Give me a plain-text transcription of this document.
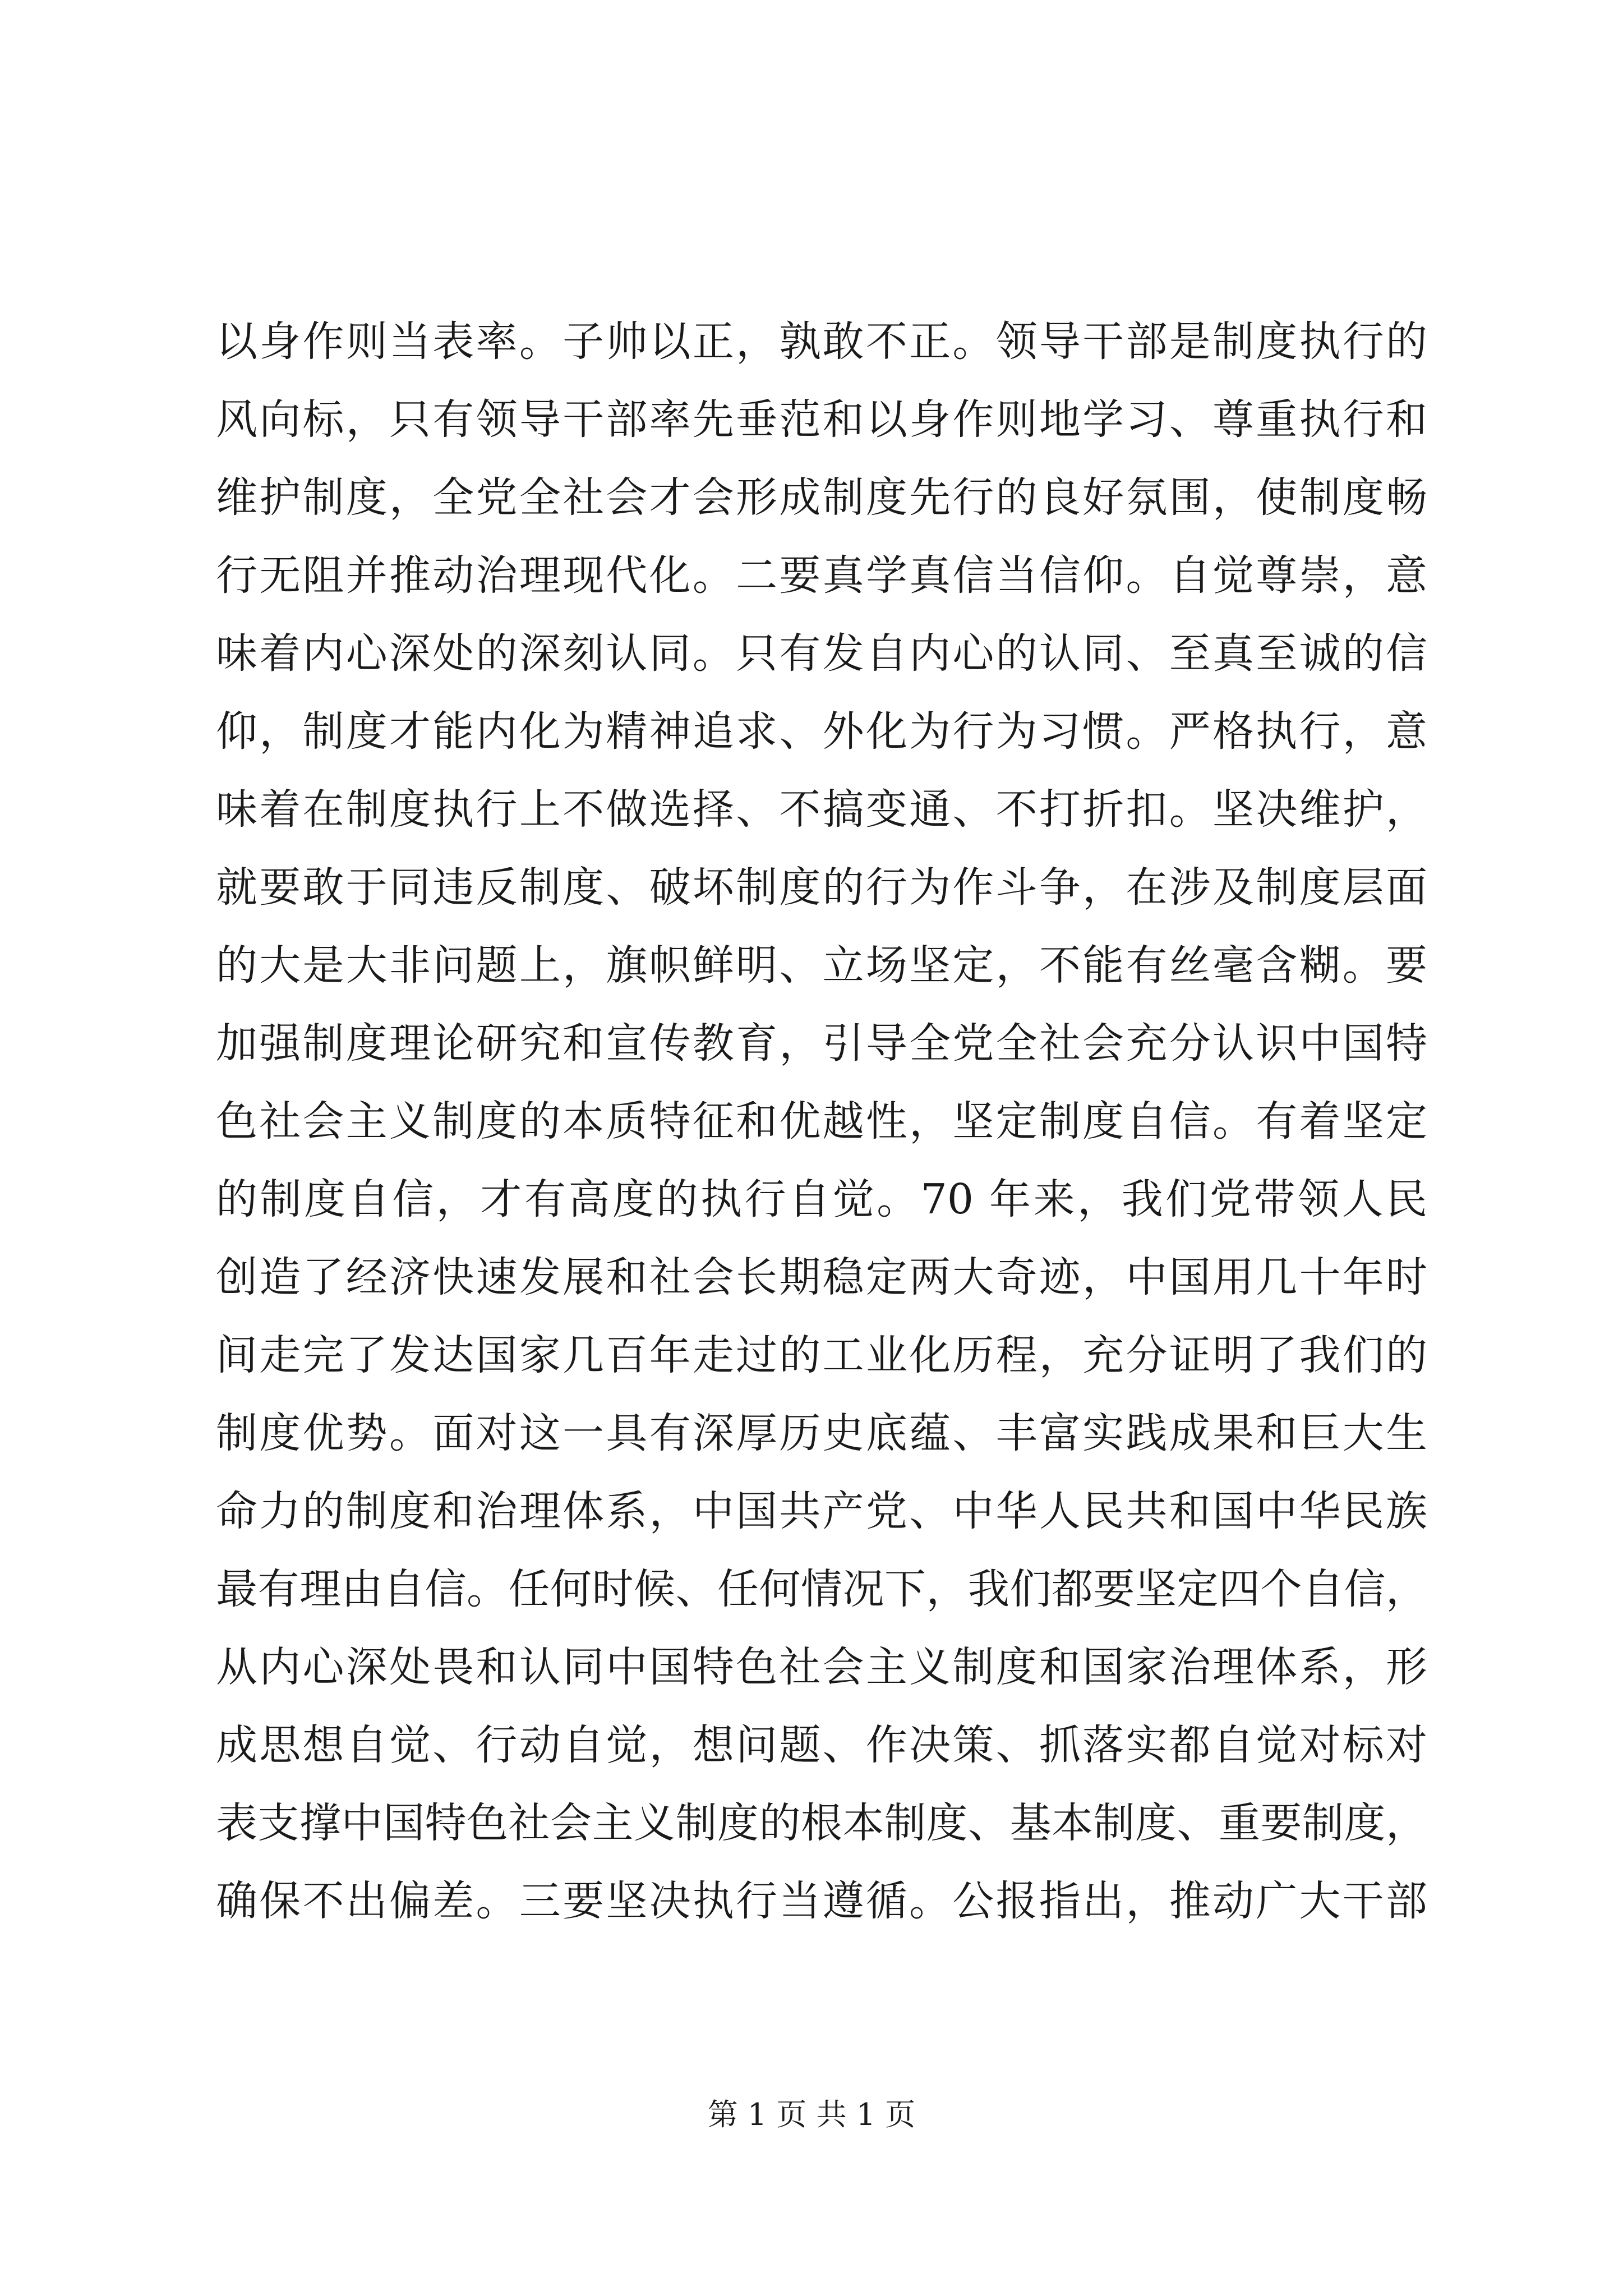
以身作则当表率。子帅以正，孰敢不正。领导干部是制度执行的
风向标，只有领导干部率先垂范和以身作则地学习、尊重执行和
维护制度，全党全社会才会形成制度先行的良好氛围，使制度畅
行无阻并推动治理现代化。二要真学真信当信仰。自觉尊崇，意
味着内心深处的深刻认同。只有发自内心的认同、至真至诚的信
仰，制度才能内化为精神追求、外化为行为习惯。严格执行，意
味着在制度执行上不做选择、不搞变通、不打折扣。坚决维护，
就要敢于同违反制度、破坏制度的行为作斗争，在涉及制度层面
的大是大非问题上，旗帜鲜明、立场坚定，不能有丝毫含糊。要
加强制度理论研究和宣传教育，引导全党全社会充分认识中国特
色社会主义制度的本质特征和优越性，坚定制度自信。有着坚定
的制度自信，才有高度的执行自觉。70 年来，我们党带领人民
创造了经济快速发展和社会长期稳定两大奇迹，中国用几十年时
间走完了发达国家几百年走过的工业化历程，充分证明了我们的
制度优势。面对这一具有深厚历史底蕴、丰富实践成果和巨大生
命力的制度和治理体系，中国共产党、中华人民共和国中华民族
最有理由自信。任何时候、任何情况下，我们都要坚定四个自信，
从内心深处畏和认同中国特色社会主义制度和国家治理体系，形
成思想自觉、行动自觉，想问题、作决策、抓落实都自觉对标对
表支撑中国特色社会主义制度的根本制度、基本制度、重要制度，
确保不出偏差。三要坚决执行当遵循。公报指出，推动广大干部
第 1 页 共 1 页
